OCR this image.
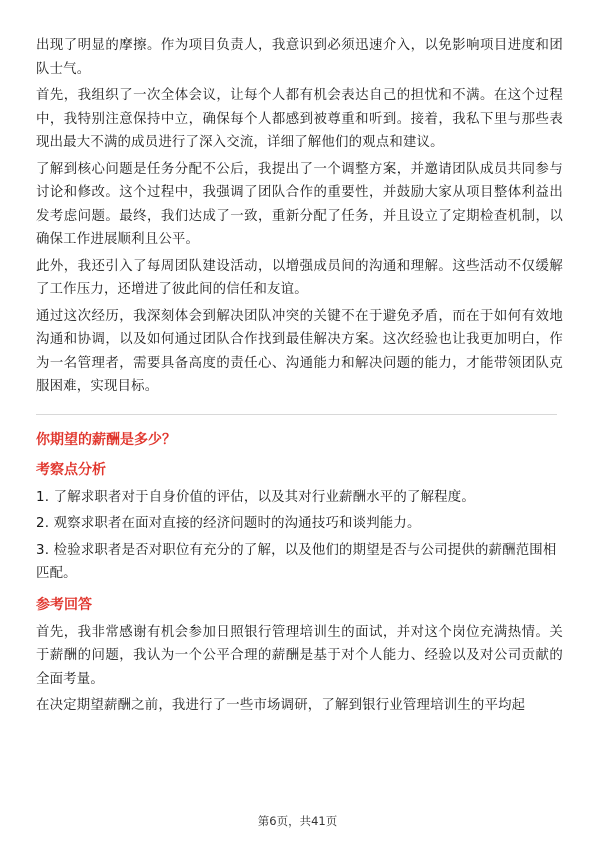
出现了明显的摩擦。作为项目负责人，我意识到必须迅速介入，以免影响项目进度和团队士气。

首先，我组织了一次全体会议，让每个人都有机会表达自己的担忧和不满。在这个过程中，我特别注意保持中立，确保每个人都感到被尊重和听到。接着，我私下里与那些表现出最大不满的成员进行了深入交流，详细了解他们的观点和建议。

了解到核心问题是任务分配不公后，我提出了一个调整方案，并邀请团队成员共同参与讨论和修改。这个过程中，我强调了团队合作的重要性，并鼓励大家从项目整体利益出发考虑问题。最终，我们达成了一致，重新分配了任务，并且设立了定期检查机制，以确保工作进展顺利且公平。

此外，我还引入了每周团队建设活动，以增强成员间的沟通和理解。这些活动不仅缓解了工作压力，还增进了彼此间的信任和友谊。

通过这次经历，我深刻体会到解决团队冲突的关键不在于避免矛盾，而在于如何有效地沟通和协调，以及如何通过团队合作找到最佳解决方案。这次经验也让我更加明白，作为一名管理者，需要具备高度的责任心、沟通能力和解决问题的能力，才能带领团队克服困难，实现目标。

你期望的薪酬是多少？
考察点分析

1. 了解求职者对于自身价值的评估，以及其对行业薪酬水平的了解程度。

2. 观察求职者在面对直接的经济问题时的沟通技巧和谈判能力。

3. 检验求职者是否对职位有充分的了解，以及他们的期望是否与公司提供的薪酬范围相匹配。

参考回答

首先，我非常感谢有机会参加日照银行管理培训生的面试，并对这个岗位充满热情。关于薪酬的问题，我认为一个公平合理的薪酬是基于对个人能力、经验以及对公司贡献的全面考量。

在决定期望薪酬之前，我进行了一些市场调研，了解到银行业管理培训生的平均起

第6页，共41页
